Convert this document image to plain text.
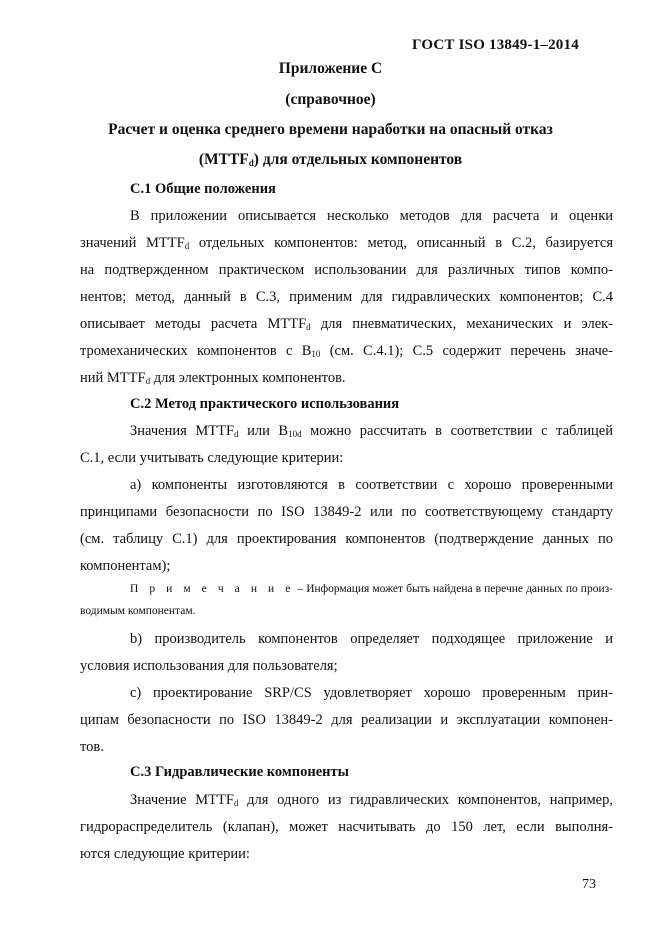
ГОСТ ISO 13849-1–2014

Приложение С

(справочное)

Расчет и оценка среднего времени наработки на опасный отказ

$(MTTF_d)$ для отдельных компонентов

С.1 Общие положения

В приложении описывается несколько методов для расчета и оценки

значений $MTTF_d$ отдельных компонентов: метод, описанный в С.2, базируется

на подтвержденном практическом использовании для различных типов компо-

нентов; метод, данный в С.3, применим для гидравлических компонентов; С.4

описывает методы расчета $MTTF_d$ для пневматических, механических и элек-

тромеханических компонентов с $B_{10}$ (см. С.4.1); С.5 содержит перечень значе-

ний $MTTF_d$ для электронных компонентов.

С.2 Метод практического использования

Значения $MTTF_d$ или $B_{10d}$ можно рассчитать в соответствии с таблицей

С.1, если учитывать следующие критерии:

а) компоненты изготовляются в соответствии с хорошо проверенными

принципами безопасности по ISO 13849-2 или по соответствующему стандарту

(см. таблицу С.1) для проектирования компонентов (подтверждение данных по

компонентам);

П р и м е ч а н и е – Информация может быть найдена в перечне данных по произ-

водимым компонентам.

b) производитель компонентов определяет подходящее приложение и

условия использования для пользователя;

с) проектирование SRP/CS удовлетворяет хорошо проверенным прин-

ципам безопасности по ISO 13849-2 для реализации и эксплуатации компонен-

тов.

С.3 Гидравлические компоненты

Значение $MTTF_d$ для одного из гидравлических компонентов, например,

гидрораспределитель (клапан), может насчитывать до 150 лет, если выполня-

ются следующие критерии:

73
